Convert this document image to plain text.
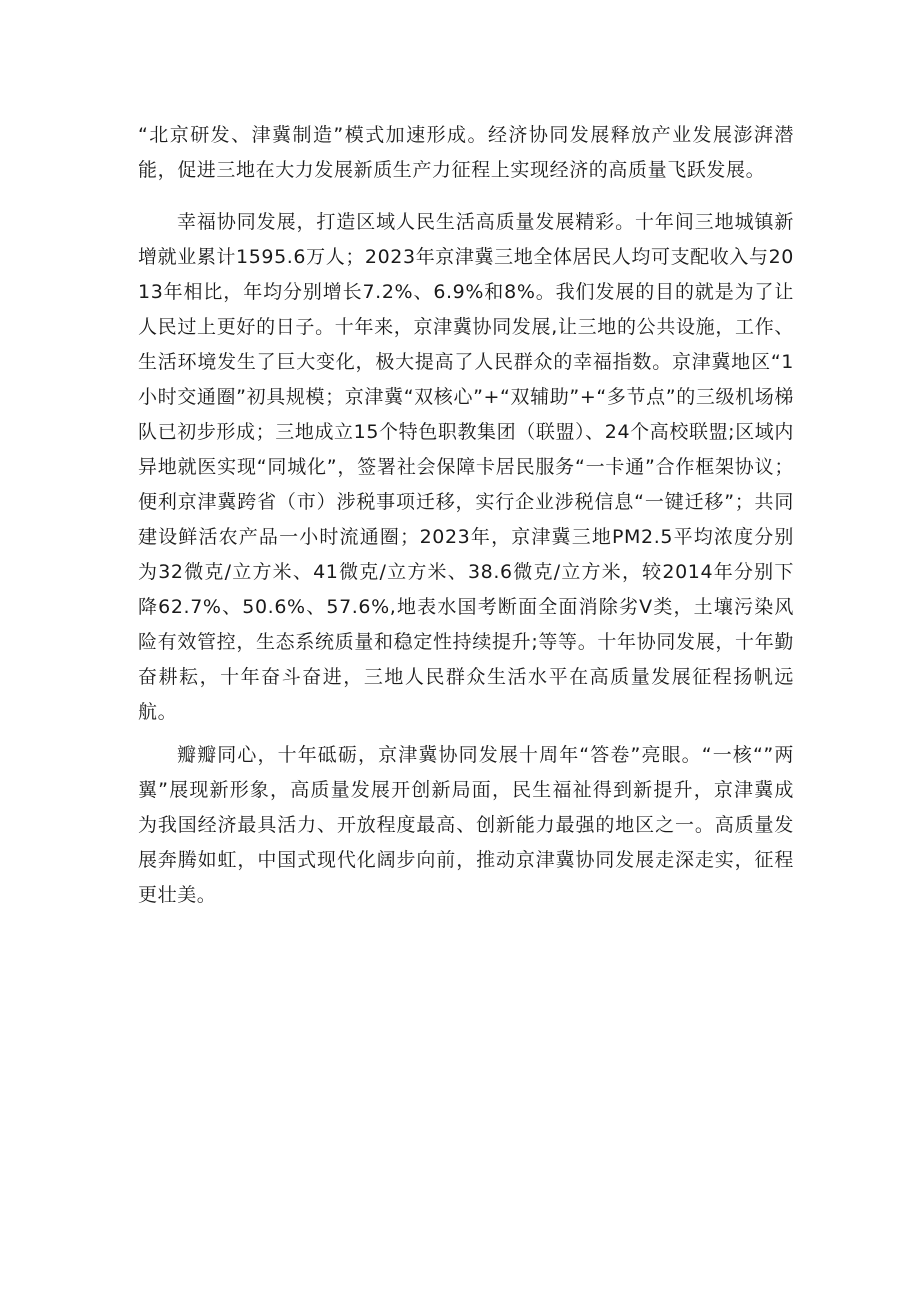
“北京研发、津冀制造”模式加速形成。经济协同发展释放产业发展澎湃潜能，促进三地在大力发展新质生产力征程上实现经济的高质量飞跃发展。

幸福协同发展，打造区域人民生活高质量发展精彩。十年间三地城镇新增就业累计1595.6万人；2023年京津冀三地全体居民人均可支配收入与2013年相比，年均分别增长7.2%、6.9%和8%。我们发展的目的就是为了让人民过上更好的日子。十年来，京津冀协同发展,让三地的公共设施，工作、生活环境发生了巨大变化，极大提高了人民群众的幸福指数。京津冀地区“1小时交通圈”初具规模；京津冀“双核心”+“双辅助”+“多节点”的三级机场梯队已初步形成；三地成立15个特色职教集团（联盟）、24个高校联盟;区域内异地就医实现“同城化”，签署社会保障卡居民服务“一卡通”合作框架协议；便利京津冀跨省（市）涉税事项迁移，实行企业涉税信息“一键迁移”；共同建设鲜活农产品一小时流通圈；2023年，京津冀三地PM2.5平均浓度分别为32微克/立方米、41微克/立方米、38.6微克/立方米，较2014年分别下降62.7%、50.6%、57.6%,地表水国考断面全面消除劣V类，土壤污染风险有效管控，生态系统质量和稳定性持续提升;等等。十年协同发展，十年勤奋耕耘，十年奋斗奋进，三地人民群众生活水平在高质量发展征程扬帆远航。

瓣瓣同心，十年砥砺，京津冀协同发展十周年“答卷”亮眼。“一核“”两翼”展现新形象，高质量发展开创新局面，民生福祉得到新提升，京津冀成为我国经济最具活力、开放程度最高、创新能力最强的地区之一。高质量发展奔腾如虹，中国式现代化阔步向前，推动京津冀协同发展走深走实，征程更壮美。
